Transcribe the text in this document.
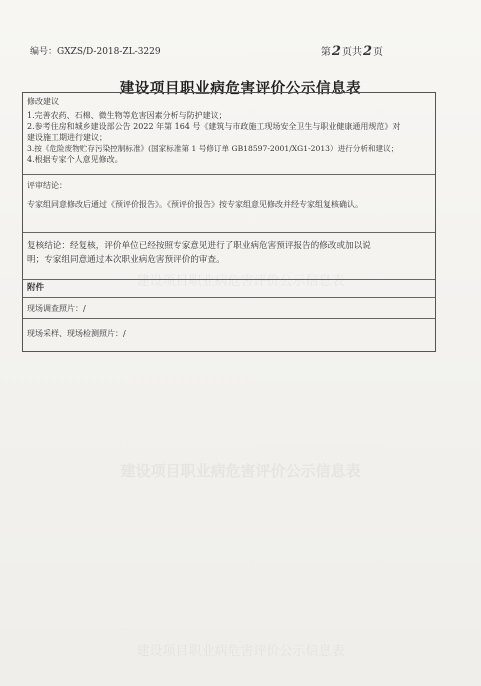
建设项目职业病危害评价公示信息表
建设项目职业病危害评价公示信息表
建设项目职业病危害评价公示信息表
编号：GXZS/D-2018-ZL-3229	第 2 页共 2 页
建设项目职业病危害评价公示信息表
修改建议
1.完善农药、石棉、微生物等危害因素分析与防护建议；
2.参考住房和城乡建设部公告 2022 年第 164 号《建筑与市政施工现场安全卫生与职业健康通用规范》对
建设施工期进行建议；
3.按《危险废物贮存污染控制标准》(国家标准第 1 号修订单 GB18597-2001/XG1-2013）进行分析和建议；
4.根据专家个人意见修改。
评审结论：
专家组同意修改后通过《预评价报告》。《预评价报告》按专家组意见修改并经专家组复核确认。
复核结论：经复核，评价单位已经按照专家意见进行了职业病危害预评报告的修改或加以说
明；专家组同意通过本次职业病危害预评价的审查。
附件
现场调查照片：/
现场采样、现场检测照片：/
